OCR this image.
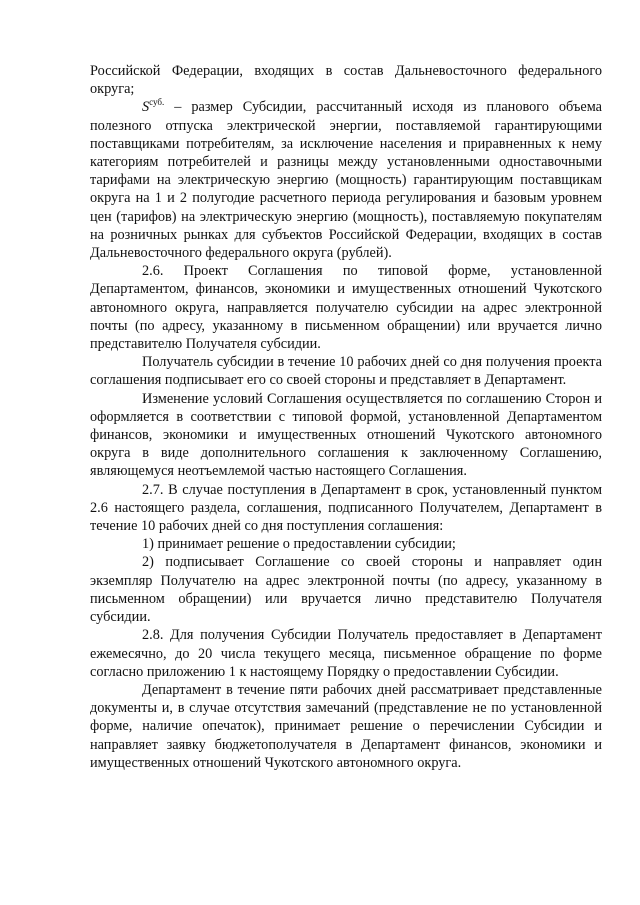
Российской Федерации, входящих в состав Дальневосточного федерального округа;

$S^{суб.}$ – размер Субсидии, рассчитанный исходя из планового объема полезного отпуска электрической энергии, поставляемой гарантирующими поставщиками потребителям, за исключение населения и приравненных к нему категориям потребителей и разницы между установленными одноставочными тарифами на электрическую энергию (мощность) гарантирующим поставщикам округа на 1 и 2 полугодие расчетного периода регулирования и базовым уровнем цен (тарифов) на электрическую энергию (мощность), поставляемую покупателям на розничных рынках для субъектов Российской Федерации, входящих в состав Дальневосточного федерального округа (рублей).

2.6. Проект Соглашения по типовой форме, установленной Департаментом, финансов, экономики и имущественных отношений Чукотского автономного округа, направляется получателю субсидии на адрес электронной почты (по адресу, указанному в письменном обращении) или вручается лично представителю Получателя субсидии.

Получатель субсидии в течение 10 рабочих дней со дня получения проекта соглашения подписывает его со своей стороны и представляет в Департамент.

Изменение условий Соглашения осуществляется по соглашению Сторон и оформляется в соответствии с типовой формой, установленной Департаментом финансов, экономики и имущественных отношений Чукотского автономного округа в виде дополнительного соглашения к заключенному Соглашению, являющемуся неотъемлемой частью настоящего Соглашения.

2.7. В случае поступления в Департамент в срок, установленный пунктом 2.6 настоящего раздела, соглашения, подписанного Получателем, Департамент в течение 10 рабочих дней со дня поступления соглашения:

1) принимает решение о предоставлении субсидии;

2) подписывает Соглашение со своей стороны и направляет один экземпляр Получателю на адрес электронной почты (по адресу, указанному в письменном обращении) или вручается лично представителю Получателя субсидии.

2.8. Для получения Субсидии Получатель предоставляет в Департамент ежемесячно, до 20 числа текущего месяца, письменное обращение по форме согласно приложению 1 к настоящему Порядку о предоставлении Субсидии.

Департамент в течение пяти рабочих дней рассматривает представленные документы и, в случае отсутствия замечаний (представление не по установленной форме, наличие опечаток), принимает решение о перечислении Субсидии и направляет заявку бюджетополучателя в Департамент финансов, экономики и имущественных отношений Чукотского автономного округа.
